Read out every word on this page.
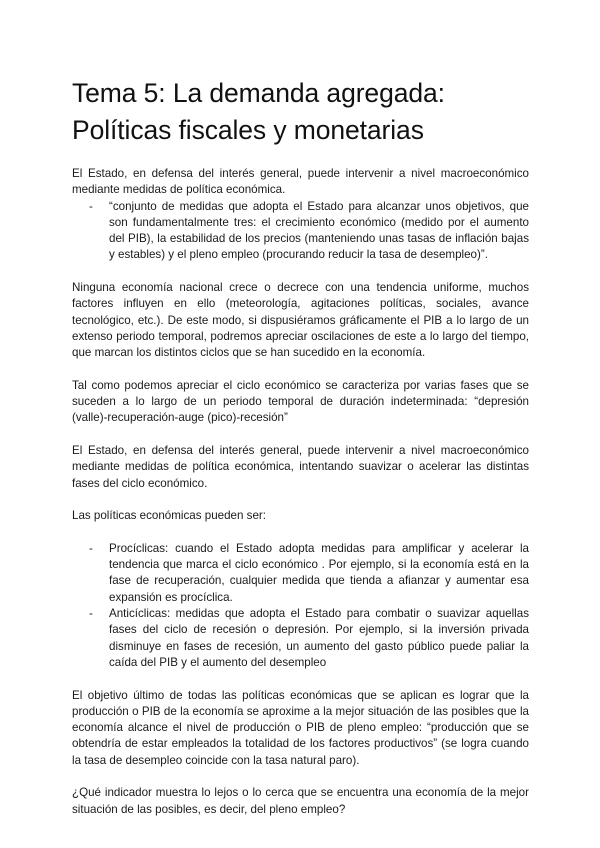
Tema 5: La demanda agregada:
Políticas fiscales y monetarias

El Estado, en defensa del interés general, puede intervenir a nivel macroeconómico mediante medidas de política económica.

- “conjunto de medidas que adopta el Estado para alcanzar unos objetivos, que son fundamentalmente tres: el crecimiento económico (medido por el aumento del PIB), la estabilidad de los precios (manteniendo unas tasas de inflación bajas y estables) y el pleno empleo (procurando reducir la tasa de desempleo)”.

Ninguna economía nacional crece o decrece con una tendencia uniforme, muchos factores influyen en ello (meteorología, agitaciones políticas, sociales, avance tecnológico, etc.). De este modo, si dispusiéramos gráficamente el PIB a lo largo de un extenso periodo temporal, podremos apreciar oscilaciones de este a lo largo del tiempo, que marcan los distintos ciclos que se han sucedido en la economía.

Tal como podemos apreciar el ciclo económico se caracteriza por varias fases que se suceden a lo largo de un periodo temporal de duración indeterminada: “depresión (valle)-recuperación-auge (pico)-recesión”

El Estado, en defensa del interés general, puede intervenir a nivel macroeconómico mediante medidas de política económica, intentando suavizar o acelerar las distintas fases del ciclo económico.

Las políticas económicas pueden ser:

- Procíclicas: cuando el Estado adopta medidas para amplificar y acelerar la tendencia que marca el ciclo económico . Por ejemplo, si la economía está en la fase de recuperación, cualquier medida que tienda a afianzar y aumentar esa expansión es procíclica.
- Anticíclicas: medidas que adopta el Estado para combatir o suavizar aquellas fases del ciclo de recesión o depresión. Por ejemplo, si la inversión privada disminuye en fases de recesión, un aumento del gasto público puede paliar la caída del PIB y el aumento del desempleo

El objetivo último de todas las políticas económicas que se aplican es lograr que la producción o PIB de la economía se aproxime a la mejor situación de las posibles que la economía alcance el nivel de producción o PIB de pleno empleo: “producción que se obtendría de estar empleados la totalidad de los factores productivos” (se logra cuando la tasa de desempleo coincide con la tasa natural paro).

¿Qué indicador muestra lo lejos o lo cerca que se encuentra una economía de la mejor situación de las posibles, es decir, del pleno empleo?
